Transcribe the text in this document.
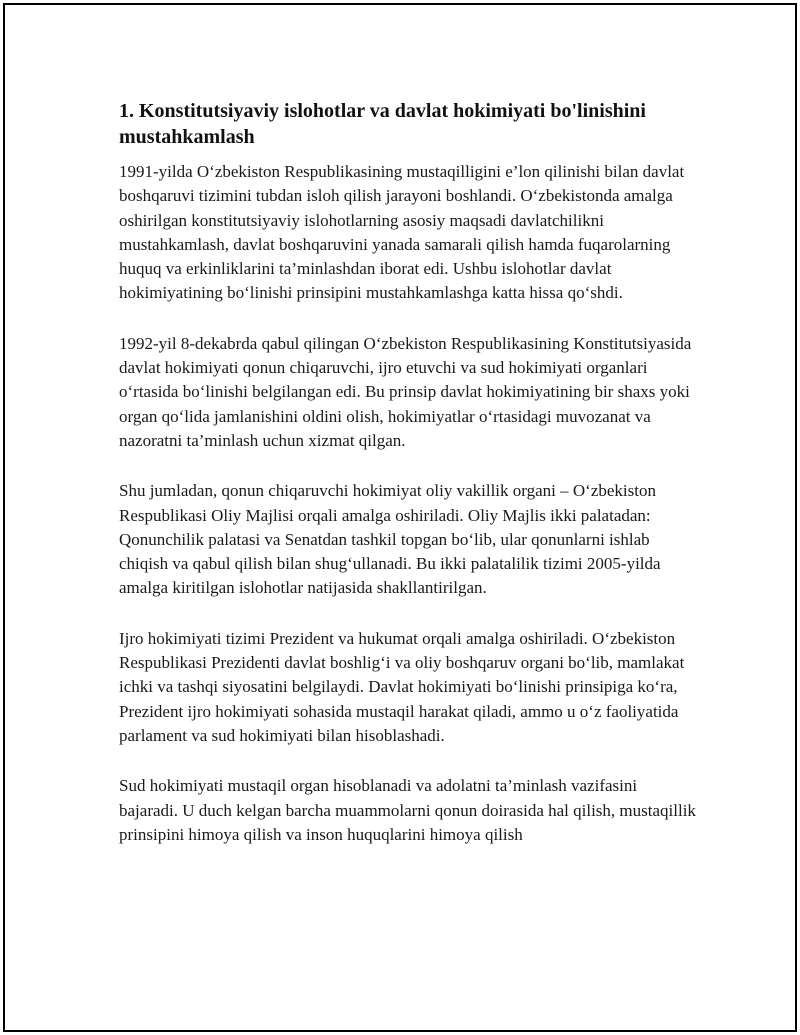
1. Konstitutsiyaviy islohotlar va davlat hokimiyati bo'linishini mustahkamlash

1991-yilda O‘zbekiston Respublikasining mustaqilligini e’lon qilinishi bilan davlat boshqaruvi tizimini tubdan isloh qilish jarayoni boshlandi. O‘zbekistonda amalga oshirilgan konstitutsiyaviy islohotlarning asosiy maqsadi davlatchilikni mustahkamlash, davlat boshqaruvini yanada samarali qilish hamda fuqarolarning huquq va erkinliklarini ta’minlashdan iborat edi. Ushbu islohotlar davlat hokimiyatining bo‘linishi prinsipini mustahkamlashga katta hissa qo‘shdi.

1992-yil 8-dekabrda qabul qilingan O‘zbekiston Respublikasining Konstitutsiyasida davlat hokimiyati qonun chiqaruvchi, ijro etuvchi va sud hokimiyati organlari o‘rtasida bo‘linishi belgilangan edi. Bu prinsip davlat hokimiyatining bir shaxs yoki organ qo‘lida jamlanishini oldini olish, hokimiyatlar o‘rtasidagi muvozanat va nazoratni ta’minlash uchun xizmat qilgan.

Shu jumladan, qonun chiqaruvchi hokimiyat oliy vakillik organi – O‘zbekiston Respublikasi Oliy Majlisi orqali amalga oshiriladi. Oliy Majlis ikki palatadan: Qonunchilik palatasi va Senatdan tashkil topgan bo‘lib, ular qonunlarni ishlab chiqish va qabul qilish bilan shug‘ullanadi. Bu ikki palatalilik tizimi 2005-yilda amalga kiritilgan islohotlar natijasida shakllantirilgan.

Ijro hokimiyati tizimi Prezident va hukumat orqali amalga oshiriladi. O‘zbekiston Respublikasi Prezidenti davlat boshlig‘i va oliy boshqaruv organi bo‘lib, mamlakat ichki va tashqi siyosatini belgilaydi. Davlat hokimiyati bo‘linishi prinsipiga ko‘ra, Prezident ijro hokimiyati sohasida mustaqil harakat qiladi, ammo u o‘z faoliyatida parlament va sud hokimiyati bilan hisoblashadi.

Sud hokimiyati mustaqil organ hisoblanadi va adolatni ta’minlash vazifasini bajaradi. U duch kelgan barcha muammolarni qonun doirasida hal qilish, mustaqillik prinsipini himoya qilish va inson huquqlarini himoya qilish
